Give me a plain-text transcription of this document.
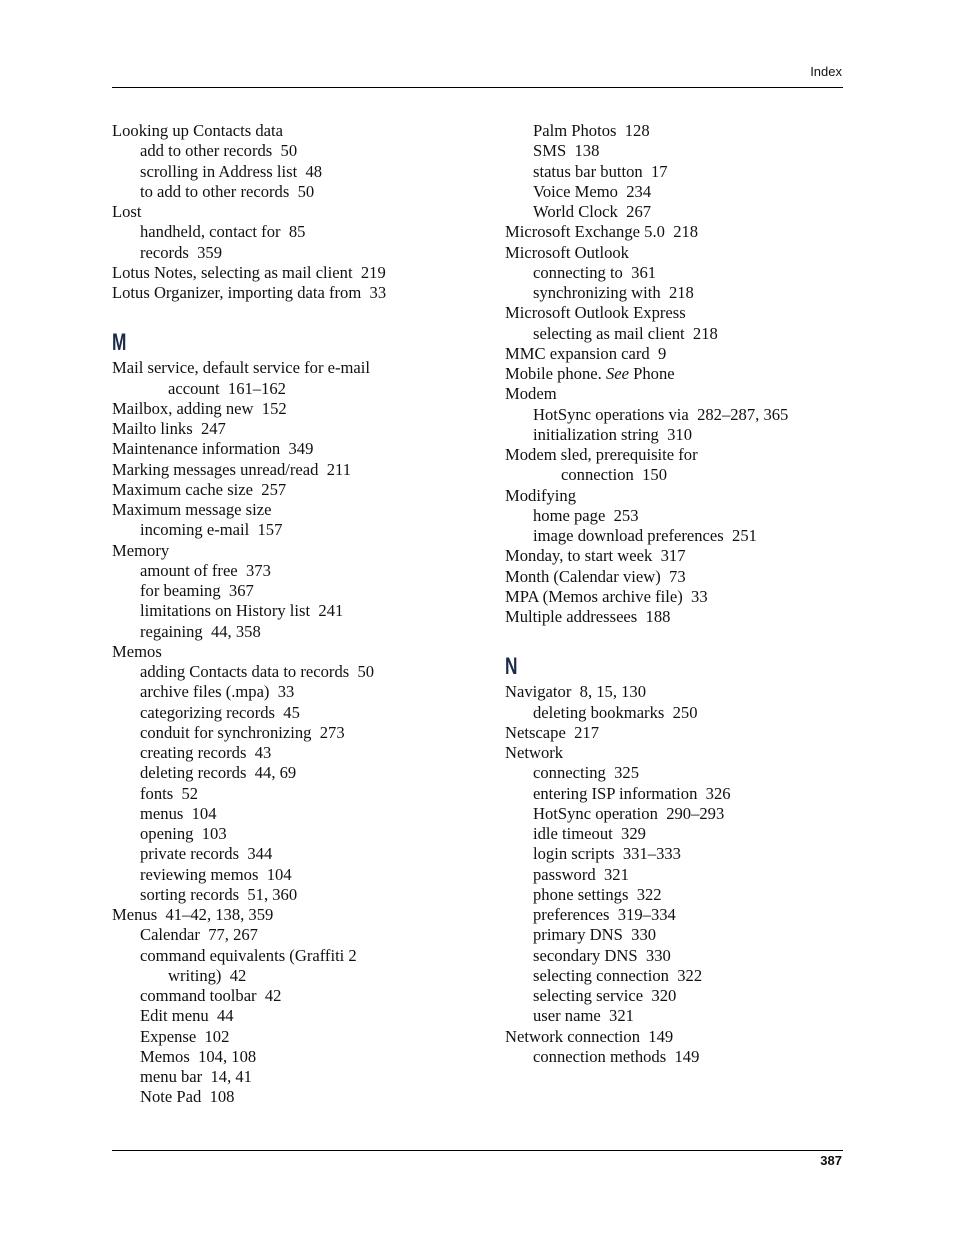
Index
Looking up Contacts data
add to other records  50
scrolling in Address list  48
to add to other records  50
Lost
handheld, contact for  85
records  359
Lotus Notes, selecting as mail client  219
Lotus Organizer, importing data from  33
M
Mail service, default service for e-mail
account  161–162
Mailbox, adding new  152
Mailto links  247
Maintenance information  349
Marking messages unread/read  211
Maximum cache size  257
Maximum message size
incoming e-mail  157
Memory
amount of free  373
for beaming  367
limitations on History list  241
regaining  44, 358
Memos
adding Contacts data to records  50
archive files (.mpa)  33
categorizing records  45
conduit for synchronizing  273
creating records  43
deleting records  44, 69
fonts  52
menus  104
opening  103
private records  344
reviewing memos  104
sorting records  51, 360
Menus  41–42, 138, 359
Calendar  77, 267
command equivalents (Graffiti 2
writing)  42
command toolbar  42
Edit menu  44
Expense  102
Memos  104, 108
menu bar  14, 41
Note Pad  108
Palm Photos  128
SMS  138
status bar button  17
Voice Memo  234
World Clock  267
Microsoft Exchange 5.0  218
Microsoft Outlook
connecting to  361
synchronizing with  218
Microsoft Outlook Express
selecting as mail client  218
MMC expansion card  9
Mobile phone. See Phone
Modem
HotSync operations via  282–287, 365
initialization string  310
Modem sled, prerequisite for
connection  150
Modifying
home page  253
image download preferences  251
Monday, to start week  317
Month (Calendar view)  73
MPA (Memos archive file)  33
Multiple addressees  188
N
Navigator  8, 15, 130
deleting bookmarks  250
Netscape  217
Network
connecting  325
entering ISP information  326
HotSync operation  290–293
idle timeout  329
login scripts  331–333
password  321
phone settings  322
preferences  319–334
primary DNS  330
secondary DNS  330
selecting connection  322
selecting service  320
user name  321
Network connection  149
connection methods  149
387
